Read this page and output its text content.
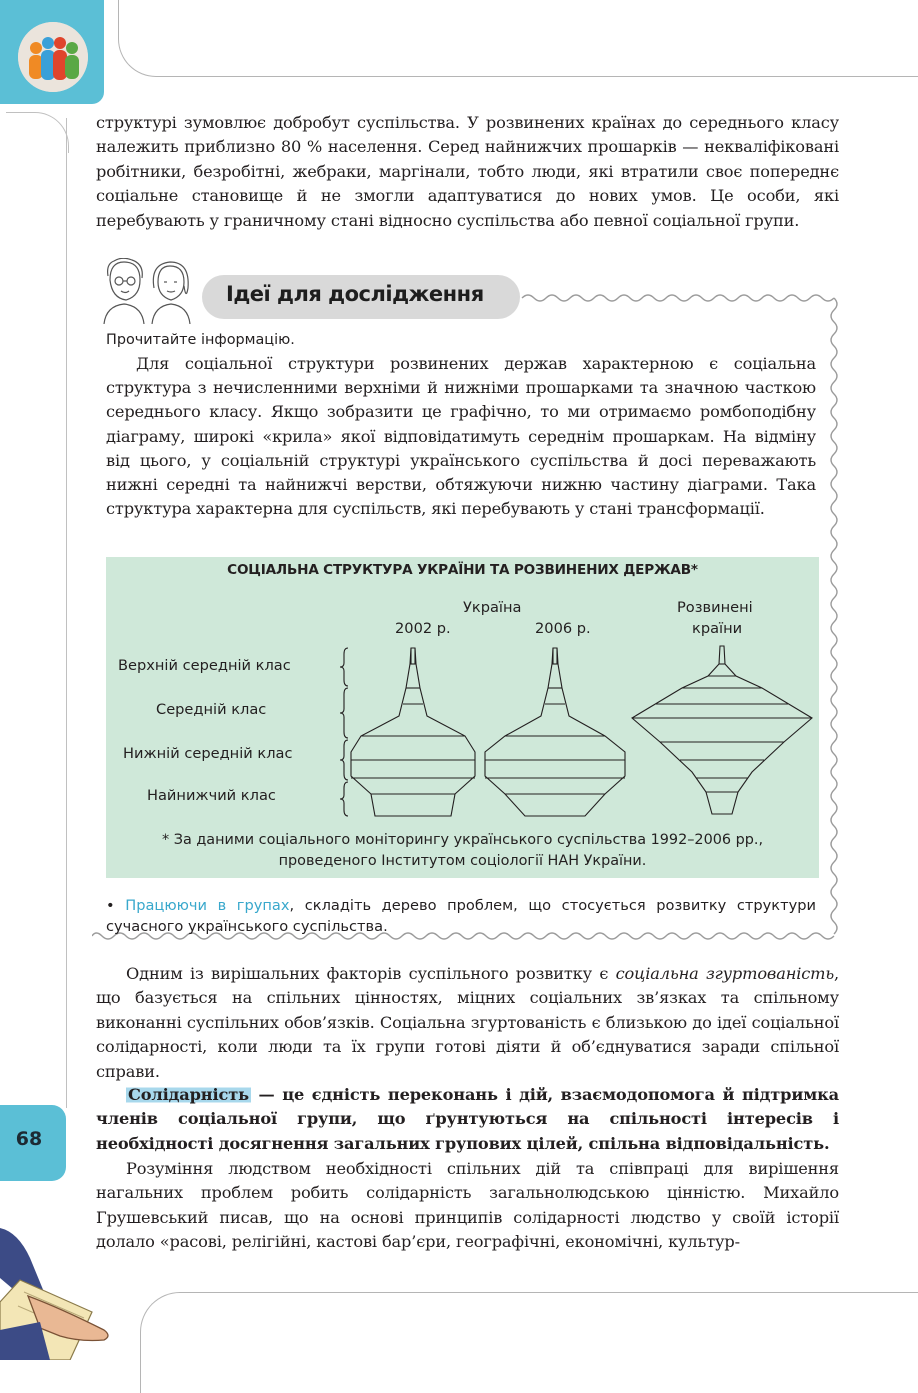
68

структурі зумовлює добробут суспільства. У розвинених країнах до середнього класу належить приблизно 80 % населення. Серед найнижчих прошарків — некваліфіковані робітники, безробітні, жебраки, маргінали, тобто люди, які втратили своє попереднє соціальне становище й не змогли адаптуватися до нових умов. Це особи, які перебувають у граничному стані відносно суспільства або певної соціальної групи.

Ідеї для дослідження
Прочитайте інформацію.

Для соціальної структури розвинених держав характерною є соціальна структура з нечисленними верхніми й нижніми прошарками та значною часткою середнього класу. Якщо зобразити це графічно, то ми отримаємо ромбоподібну діаграму, широкі «крила» якої відповідатимуть середнім прошаркам. На відміну від цього, у соціальній структурі українського суспільства й досі переважають нижні середні та найнижчі верстви, обтяжуючи нижню частину діаграми. Така структура характерна для суспільств, які перебувають у стані трансформації.

СОЦІАЛЬНА СТРУКТУРА УКРАЇНИ ТА РОЗВИНЕНИХ ДЕРЖАВ*
Україна
2002 р.	2006 р.
Розвинені
країни
Верхній середній клас
Середній клас
Нижній середній клас
Найнижчий клас
* За даними соціального моніторингу українського суспільства 1992–2006 рр.,
проведеного Інститутом соціології НАН України.
• Працюючи в групах, складіть дерево проблем, що стосується розвитку структури сучасного українського суспільства.

Одним із вирішальних факторів суспільного розвитку є соціальна згуртованість, що базується на спільних цінностях, міцних соціальних зв’язках та спільному виконанні суспільних обов’язків. Соціальна згуртованість є близькою до ідеї соціальної солідарності, коли люди та їх групи готові діяти й об’єднуватися заради спільної справи.

Солідарність — це єдність переконань і дій, взаємодопомога й підтримка членів соціальної групи, що ґрунтуються на спільності інтересів і необхідності досягнення загальних групових цілей, спільна відповідальність.

Розуміння людством необхідності спільних дій та співпраці для вирішення нагальних проблем робить солідарність загальнолюдською цінністю. Михайло Грушевський писав, що на основі принципів солідарності людство у своїй історії долало «расові, релігійні, кастові бар’єри, географічні, економічні, культур-
